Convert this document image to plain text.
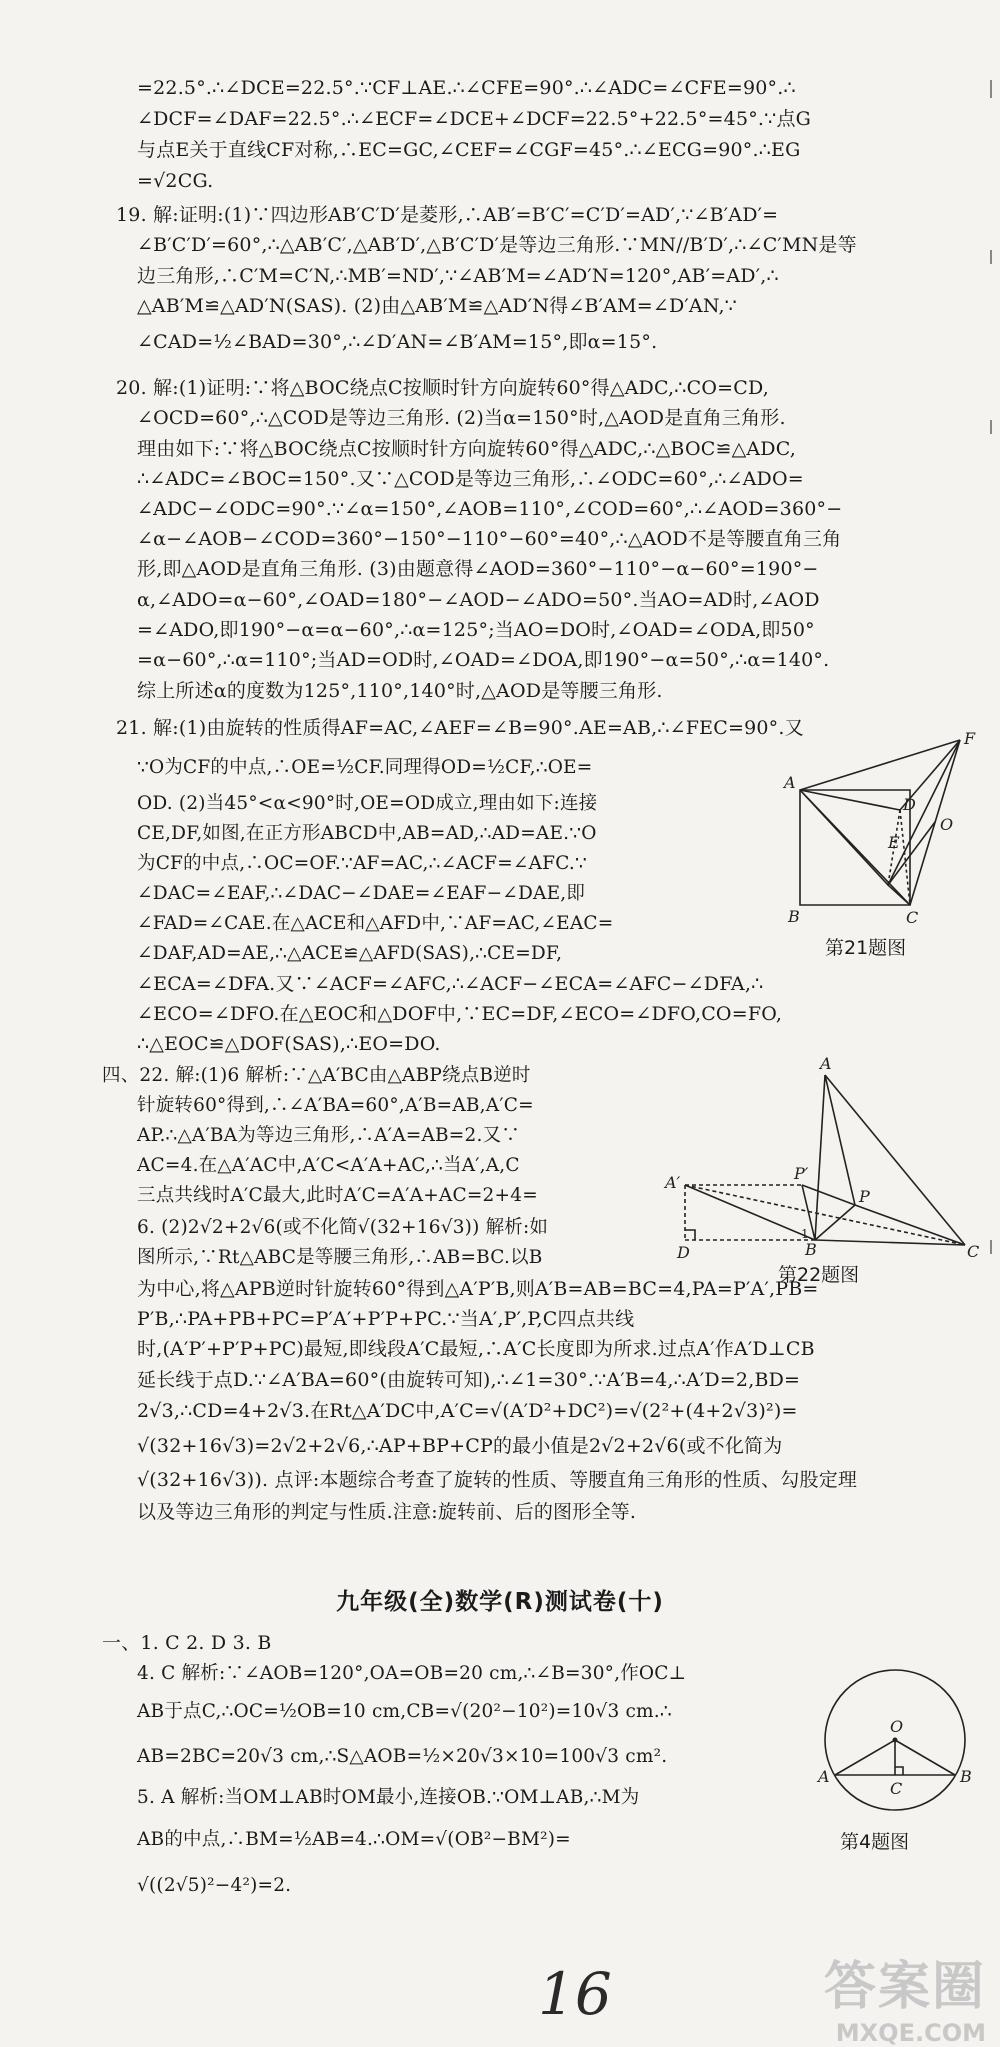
=22.5°.∴∠DCE=22.5°.∵CF⊥AE.∴∠CFE=90°.∴∠ADC=∠CFE=90°.∴
∠DCF=∠DAF=22.5°.∴∠ECF=∠DCE+∠DCF=22.5°+22.5°=45°.∵点G
与点E关于直线CF对称,∴EC=GC,∠CEF=∠CGF=45°.∴∠ECG=90°.∴EG
=√2CG.
19. 解:证明:(1)∵四边形AB′C′D′是菱形,∴AB′=B′C′=C′D′=AD′,∵∠B′AD′=
∠B′C′D′=60°,∴△AB′C′,△AB′D′,△B′C′D′是等边三角形.∵MN//B′D′,∴∠C′MN是等
边三角形,∴C′M=C′N,∴MB′=ND′,∵∠AB′M=∠AD′N=120°,AB′=AD′,∴
△AB′M≌△AD′N(SAS). (2)由△AB′M≌△AD′N得∠B′AM=∠D′AN,∵
∠CAD=½∠BAD=30°,∴∠D′AN=∠B′AM=15°,即α=15°.
20. 解:(1)证明:∵将△BOC绕点C按顺时针方向旋转60°得△ADC,∴CO=CD,
∠OCD=60°,∴△COD是等边三角形. (2)当α=150°时,△AOD是直角三角形.
理由如下:∵将△BOC绕点C按顺时针方向旋转60°得△ADC,∴△BOC≌△ADC,
∴∠ADC=∠BOC=150°.又∵△COD是等边三角形,∴∠ODC=60°,∴∠ADO=
∠ADC−∠ODC=90°.∵∠α=150°,∠AOB=110°,∠COD=60°,∴∠AOD=360°−
∠α−∠AOB−∠COD=360°−150°−110°−60°=40°,∴△AOD不是等腰直角三角
形,即△AOD是直角三角形. (3)由题意得∠AOD=360°−110°−α−60°=190°−
α,∠ADO=α−60°,∠OAD=180°−∠AOD−∠ADO=50°.当AO=AD时,∠AOD
=∠ADO,即190°−α=α−60°,∴α=125°;当AO=DO时,∠OAD=∠ODA,即50°
=α−60°,∴α=110°;当AD=OD时,∠OAD=∠DOA,即190°−α=50°,∴α=140°.
综上所述α的度数为125°,110°,140°时,△AOD是等腰三角形.
21. 解:(1)由旋转的性质得AF=AC,∠AEF=∠B=90°.AE=AB,∴∠FEC=90°.又
∵O为CF的中点,∴OE=½CF.同理得OD=½CF,∴OE=
OD. (2)当45°<α<90°时,OE=OD成立,理由如下:连接
CE,DF,如图,在正方形ABCD中,AB=AD,∴AD=AE.∵O
为CF的中点,∴OC=OF.∵AF=AC,∴∠ACF=∠AFC.∵
∠DAC=∠EAF,∴∠DAC−∠DAE=∠EAF−∠DAE,即
∠FAD=∠CAE.在△ACE和△AFD中,∵AF=AC,∠EAC=
∠DAF,AD=AE,∴△ACE≌△AFD(SAS),∴CE=DF,
∠ECA=∠DFA.又∵∠ACF=∠AFC,∴∠ACF−∠ECA=∠AFC−∠DFA,∴
∠ECO=∠DFO.在△EOC和△DOF中,∵EC=DF,∠ECO=∠DFO,CO=FO,
∴△EOC≌△DOF(SAS),∴EO=DO.
四、22. 解:(1)6 解析:∵△A′BC由△ABP绕点B逆时
针旋转60°得到,∴∠A′BA=60°,A′B=AB,A′C=
AP.∴△A′BA为等边三角形,∴A′A=AB=2.又∵
AC=4.在△A′AC中,A′C<A′A+AC,∴当A′,A,C
三点共线时A′C最大,此时A′C=A′A+AC=2+4=
6. (2)2√2+2√6(或不化简√(32+16√3)) 解析:如
图所示,∵Rt△ABC是等腰三角形,∴AB=BC.以B
为中心,将△APB逆时针旋转60°得到△A′P′B,则A′B=AB=BC=4,PA=P′A′,PB=
P′B,∴PA+PB+PC=P′A′+P′P+PC.∵当A′,P′,P,C四点共线
时,(A′P′+P′P+PC)最短,即线段A′C最短,∴A′C长度即为所求.过点A′作A′D⊥CB
延长线于点D.∵∠A′BA=60°(由旋转可知),∴∠1=30°.∵A′B=4,∴A′D=2,BD=
2√3,∴CD=4+2√3.在Rt△A′DC中,A′C=√(A′D²+DC²)=√(2²+(4+2√3)²)=
√(32+16√3)=2√2+2√6,∴AP+BP+CP的最小值是2√2+2√6(或不化简为
√(32+16√3)). 点评:本题综合考查了旋转的性质、等腰直角三角形的性质、勾股定理
以及等边三角形的判定与性质.注意:旋转前、后的图形全等.
九年级(全)数学(R)测试卷(十)
一、1. C 2. D 3. B
4. C 解析:∵∠AOB=120°,OA=OB=20 cm,∴∠B=30°,作OC⊥
AB于点C,∴OC=½OB=10 cm,CB=√(20²−10²)=10√3 cm.∴
AB=2BC=20√3 cm,∴S△AOB=½×20√3×10=100√3 cm².
5. A 解析:当OM⊥AB时OM最小,连接OB.∵OM⊥AB,∴M为
AB的中点,∴BM=½AB=4.∴OM=√(OB²−BM²)=
√((2√5)²−4²)=2.
A
F
D
E
O
B	C
第21题图
A
A′	P′
P
B	C
D
1
第22题图
O
A	B
C
第4题图
16	答案圈
MXQE.COM
